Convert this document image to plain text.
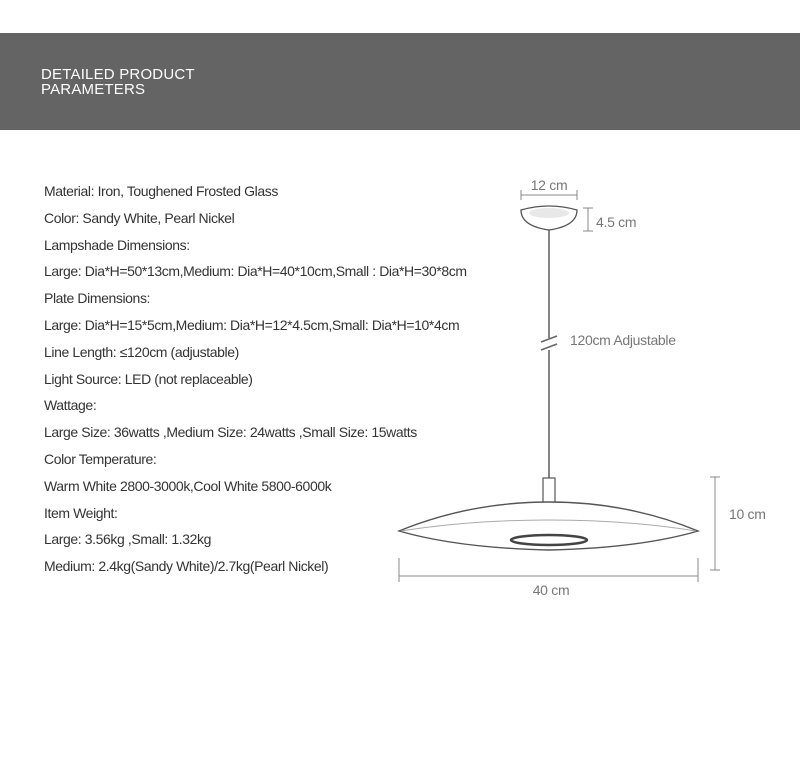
DETAILED PRODUCT
PARAMETERS
Material: Iron, Toughened Frosted Glass
Color: Sandy White, Pearl Nickel
Lampshade Dimensions:
Large: Dia*H=50*13cm,Medium: Dia*H=40*10cm,Small : Dia*H=30*8cm
Plate Dimensions:
Large: Dia*H=15*5cm,Medium: Dia*H=12*4.5cm,Small: Dia*H=10*4cm
Line Length: ≤120cm (adjustable)
Light Source: LED (not replaceable)
Wattage:
Large Size: 36watts ,Medium Size: 24watts ,Small Size: 15watts
Color Temperature:
Warm White 2800-3000k,Cool White 5800-6000k
Item Weight:
Large: 3.56kg ,Small: 1.32kg
Medium: 2.4kg(Sandy White)/2.7kg(Pearl Nickel)
12 cm
4.5 cm
120cm Adjustable
10 cm
40 cm
